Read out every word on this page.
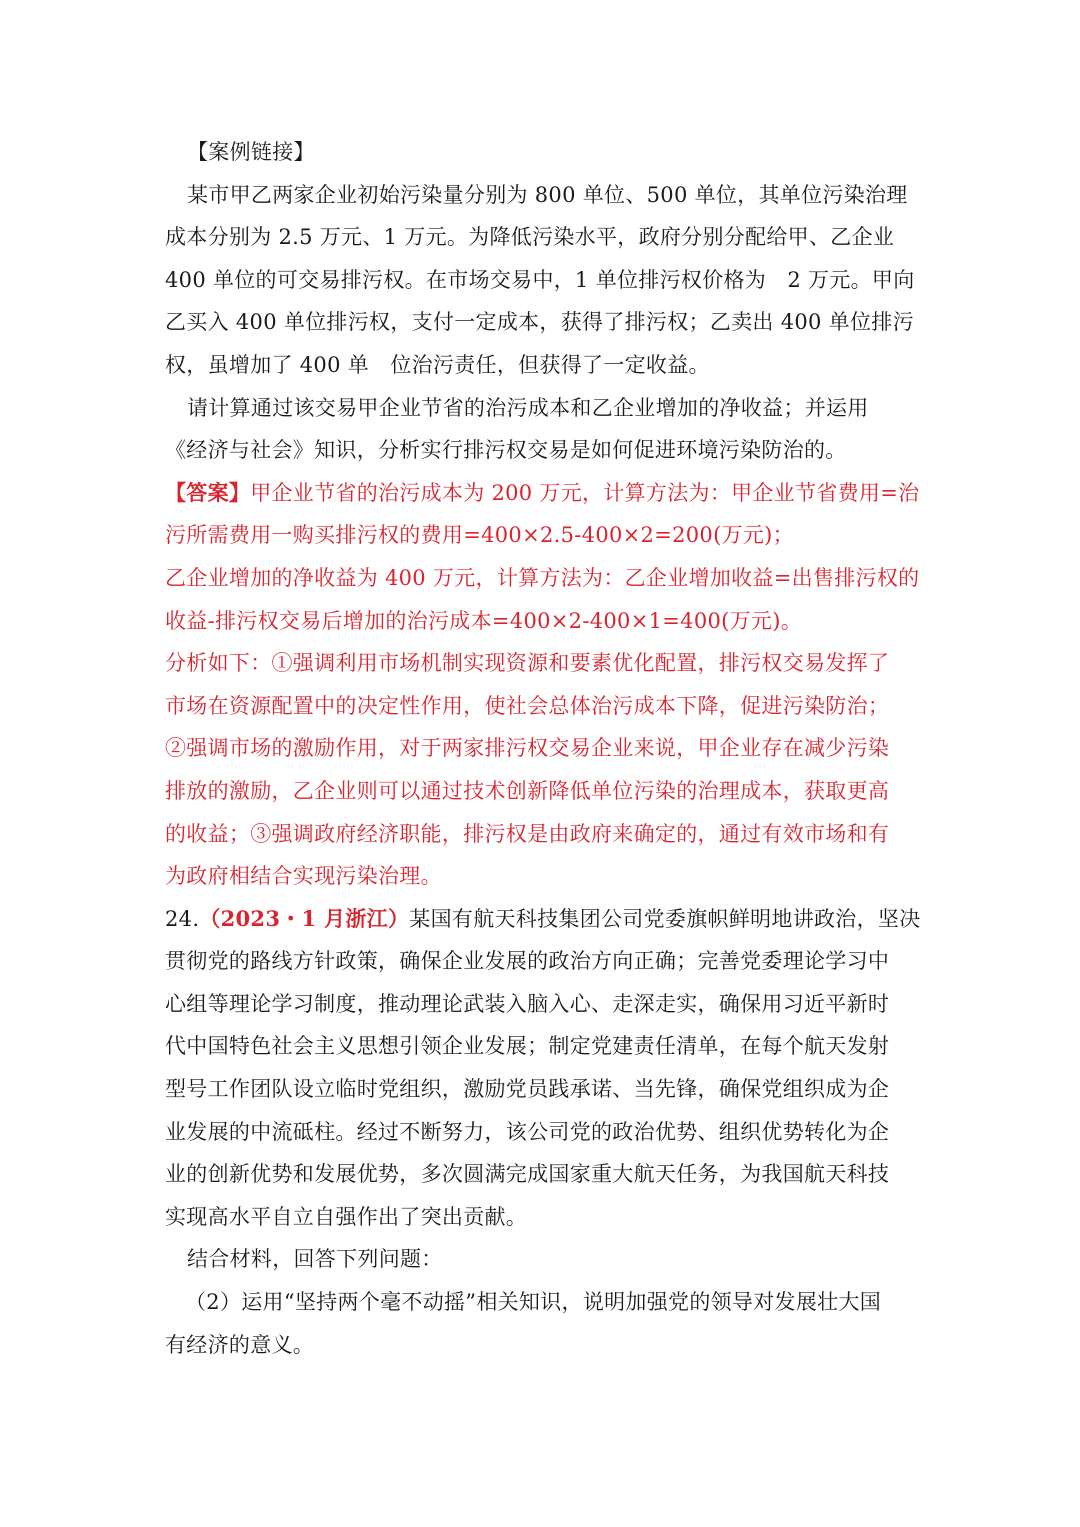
【案例链接】
某市甲乙两家企业初始污染量分别为 800 单位、500 单位，其单位污染治理
成本分别为 2.5 万元、1 万元。为降低污染水平，政府分别分配给甲、乙企业
400 单位的可交易排污权。在市场交易中，1 单位排污权价格为　2 万元。甲向
乙买入 400 单位排污权，支付一定成本，获得了排污权；乙卖出 400 单位排污
权，虽增加了 400 单　位治污责任，但获得了一定收益。
请计算通过该交易甲企业节省的治污成本和乙企业增加的净收益；并运用
《经济与社会》知识，分析实行排污权交易是如何促进环境污染防治的。
【答案】甲企业节省的治污成本为 200 万元，计算方法为：甲企业节省费用=治
污所需费用一购买排污权的费用=400×2.5-400×2=200(万元)；
乙企业增加的净收益为 400 万元，计算方法为：乙企业增加收益=出售排污权的
收益-排污权交易后增加的治污成本=400×2-400×1=400(万元)。
分析如下：①强调利用市场机制实现资源和要素优化配置，排污权交易发挥了
市场在资源配置中的决定性作用，使社会总体治污成本下降，促进污染防治；
②强调市场的激励作用，对于两家排污权交易企业来说，甲企业存在减少污染
排放的激励，乙企业则可以通过技术创新降低单位污染的治理成本，获取更高
的收益；③强调政府经济职能，排污权是由政府来确定的，通过有效市场和有
为政府相结合实现污染治理。
24.（2023・1 月浙江）某国有航天科技集团公司党委旗帜鲜明地讲政治，坚决
贯彻党的路线方针政策，确保企业发展的政治方向正确；完善党委理论学习中
心组等理论学习制度，推动理论武装入脑入心、走深走实，确保用习近平新时
代中国特色社会主义思想引领企业发展；制定党建责任清单，在每个航天发射
型号工作团队设立临时党组织，激励党员践承诺、当先锋，确保党组织成为企
业发展的中流砥柱。经过不断努力，该公司党的政治优势、组织优势转化为企
业的创新优势和发展优势，多次圆满完成国家重大航天任务，为我国航天科技
实现高水平自立自强作出了突出贡献。
结合材料，回答下列问题：
（2）运用“坚持两个毫不动摇”相关知识，说明加强党的领导对发展壮大国
有经济的意义。
